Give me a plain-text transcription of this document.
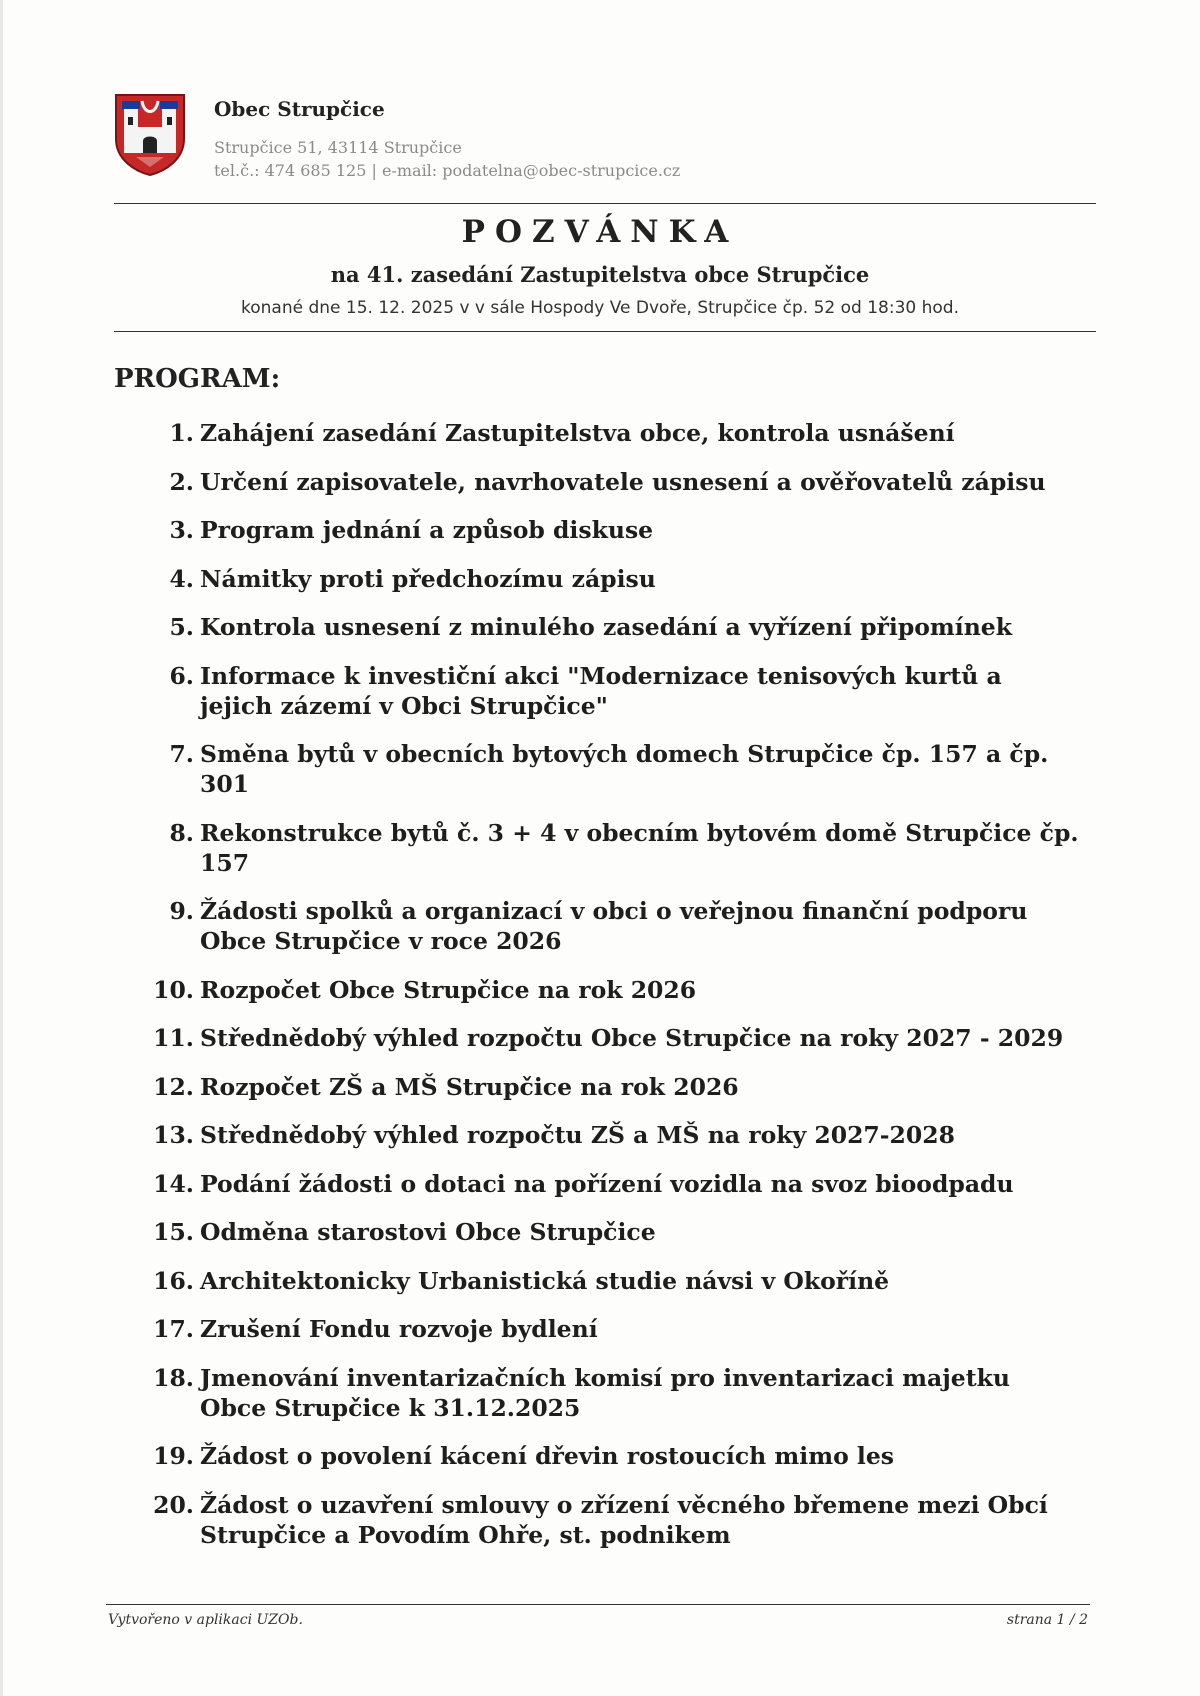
Obec Strupčice
Strupčice 51, 43114 Strupčice
tel.č.: 474 685 125 | e-mail: podatelna@obec-strupcice.cz
POZVÁNKA
na 41. zasedání Zastupitelstva obce Strupčice
konané dne 15. 12. 2025 v v sále Hospody Ve Dvoře, Strupčice čp. 52 od 18:30 hod.
PROGRAM:
1. Zahájení zasedání Zastupitelstva obce, kontrola usnášení
2. Určení zapisovatele, navrhovatele usnesení a ověřovatelů zápisu
3. Program jednání a způsob diskuse
4. Námitky proti předchozímu zápisu
5. Kontrola usnesení z minulého zasedání a vyřízení připomínek
6. Informace k investiční akci "Modernizace tenisových kurtů a jejich zázemí v Obci Strupčice"
7. Směna bytů v obecních bytových domech Strupčice čp. 157 a čp. 301
8. Rekonstrukce bytů č. 3 + 4 v obecním bytovém domě Strupčice čp. 157
9. Žádosti spolků a organizací v obci o veřejnou finanční podporu Obce Strupčice v roce 2026
10. Rozpočet Obce Strupčice na rok 2026
11. Střednědobý výhled rozpočtu Obce Strupčice na roky 2027 - 2029
12. Rozpočet ZŠ a MŠ Strupčice na rok 2026
13. Střednědobý výhled rozpočtu ZŠ a MŠ na roky 2027-2028
14. Podání žádosti o dotaci na pořízení vozidla na svoz bioodpadu
15. Odměna starostovi Obce Strupčice
16. Architektonicky Urbanistická studie návsi v Okoříně
17. Zrušení Fondu rozvoje bydlení
18. Jmenování inventarizačních komisí pro inventarizaci majetku Obce Strupčice k 31.12.2025
19. Žádost o povolení kácení dřevin rostoucích mimo les
20. Žádost o uzavření smlouvy o zřízení věcného břemene mezi Obcí Strupčice a Povodím Ohře, st. podnikem
Vytvořeno v aplikaci UZOb.	strana 1 / 2
